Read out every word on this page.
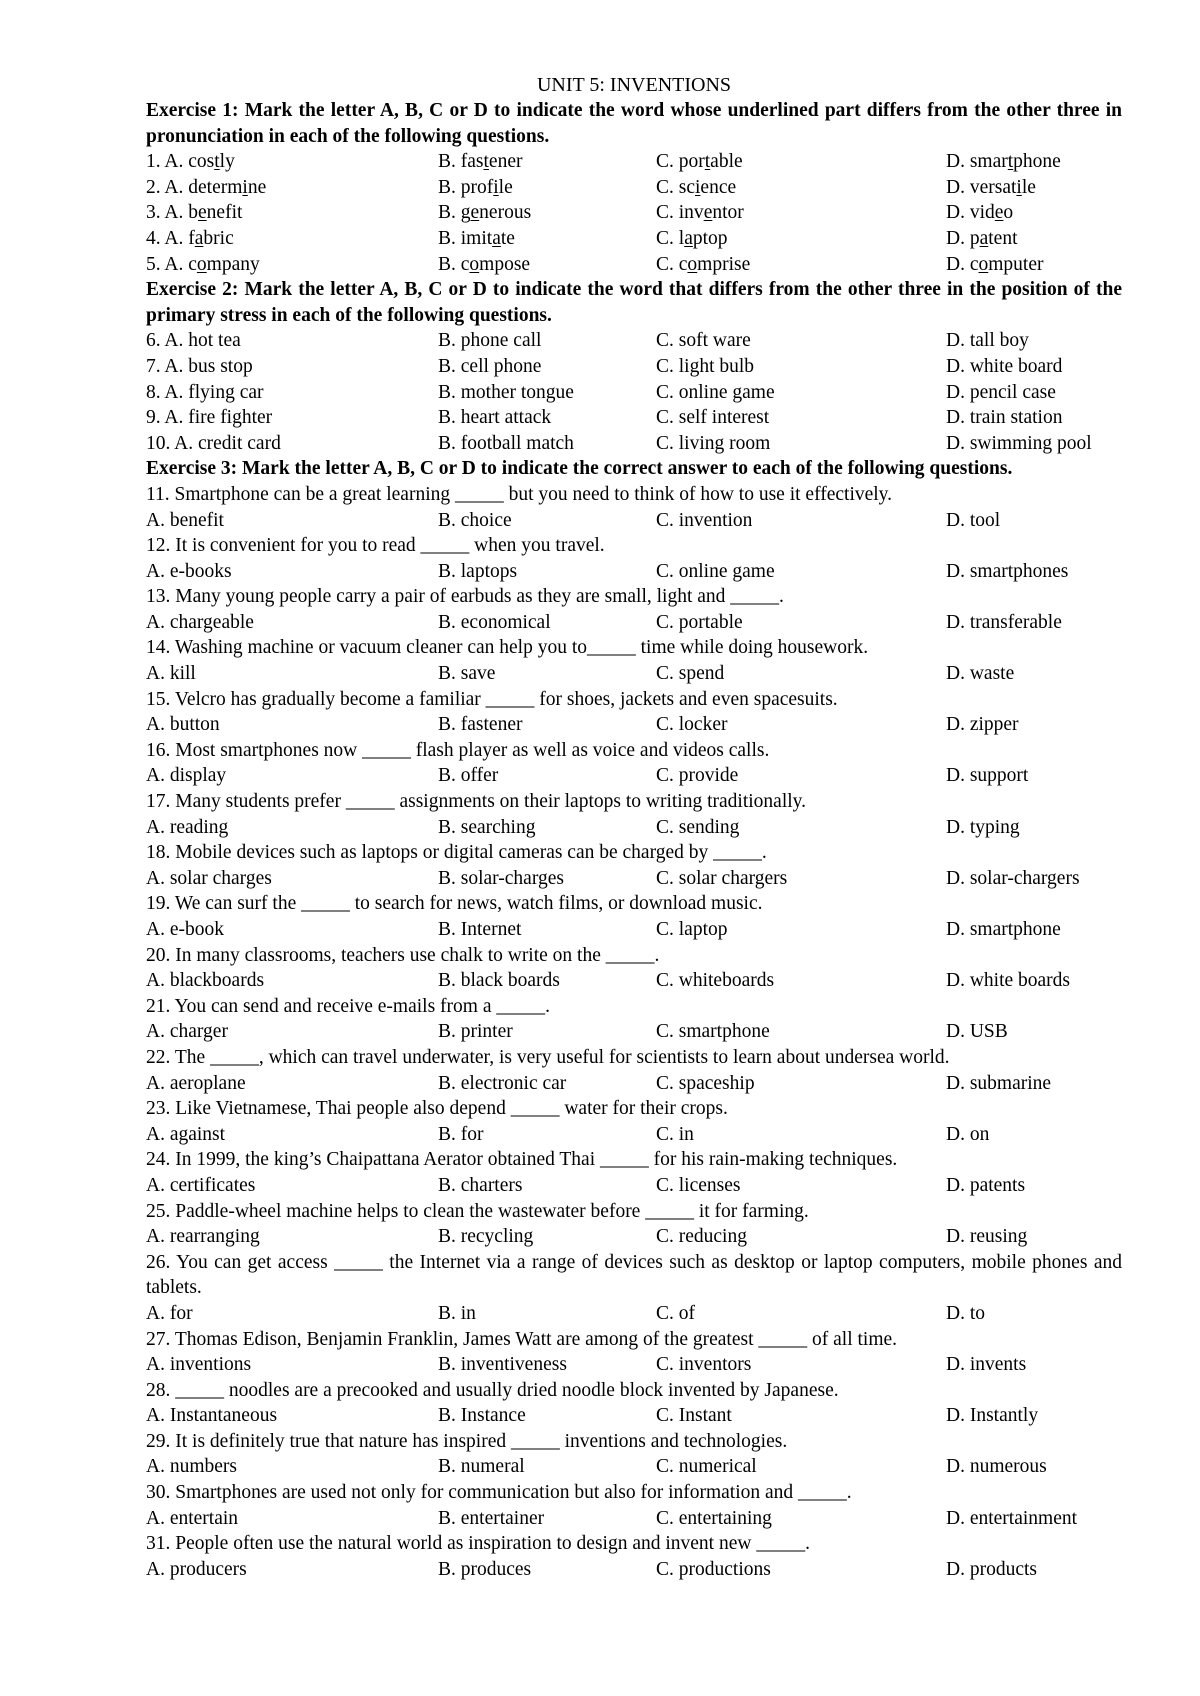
UNIT 5: INVENTIONS
Exercise 1: Mark the letter A, B, C or D to indicate the word whose underlined part differs from the other three in pronunciation in each of the following questions.
1. A. costly	B. fastener	C. portable	D. smartphone
2. A. determine	B. profile	C. science	D. versatile
3. A. benefit	B. generous	C. inventor	D. video
4. A. fabric	B. imitate	C. laptop	D. patent
5. A. company	B. compose	C. comprise	D. computer
Exercise 2: Mark the letter A, B, C or D to indicate the word that differs from the other three in the position of the primary stress in each of the following questions.
6. A. hot tea	B. phone call	C. soft ware	D. tall boy
7. A. bus stop	B. cell phone	C. light bulb	D. white board
8. A. flying car	B. mother tongue	C. online game	D. pencil case
9. A. fire fighter	B. heart attack	C. self interest	D. train station
10. A. credit card	B. football match	C. living room	D. swimming pool
Exercise 3: Mark the letter A, B, C or D to indicate the correct answer to each of the following questions.
11. Smartphone can be a great learning _____ but you need to think of how to use it effectively.
A. benefit	B. choice	C. invention	D. tool
12. It is convenient for you to read _____ when you travel.
A. e-books	B. laptops	C. online game	D. smartphones
13. Many young people carry a pair of earbuds as they are small, light and _____.
A. chargeable	B. economical	C. portable	D. transferable
14. Washing machine or vacuum cleaner can help you to_____ time while doing housework.
A. kill	B. save	C. spend	D. waste
15. Velcro has gradually become a familiar _____ for shoes, jackets and even spacesuits.
A. button	B. fastener	C. locker	D. zipper
16. Most smartphones now _____ flash player as well as voice and videos calls.
A. display	B. offer	C. provide	D. support
17. Many students prefer _____ assignments on their laptops to writing traditionally.
A. reading	B. searching	C. sending	D. typing
18. Mobile devices such as laptops or digital cameras can be charged by _____.
A. solar charges	B. solar-charges	C. solar chargers	D. solar-chargers
19. We can surf the _____ to search for news, watch films, or download music.
A. e-book	B. Internet	C. laptop	D. smartphone
20. In many classrooms, teachers use chalk to write on the _____.
A. blackboards	B. black boards	C. whiteboards	D. white boards
21. You can send and receive e-mails from a _____.
A. charger	B. printer	C. smartphone	D. USB
22. The _____, which can travel underwater, is very useful for scientists to learn about undersea world.
A. aeroplane	B. electronic car	C. spaceship	D. submarine
23. Like Vietnamese, Thai people also depend _____ water for their crops.
A. against	B. for	C. in	D. on
24. In 1999, the king’s Chaipattana Aerator obtained Thai _____ for his rain-making techniques.
A. certificates	B. charters	C. licenses	D. patents
25. Paddle-wheel machine helps to clean the wastewater before _____ it for farming.
A. rearranging	B. recycling	C. reducing	D. reusing
26. You can get access _____ the Internet via a range of devices such as desktop or laptop computers, mobile phones and tablets.
A. for	B. in	C. of	D. to
27. Thomas Edison, Benjamin Franklin, James Watt are among of the greatest _____ of all time.
A. inventions	B. inventiveness	C. inventors	D. invents
28. _____ noodles are a precooked and usually dried noodle block invented by Japanese.
A. Instantaneous	B. Instance	C. Instant	D. Instantly
29. It is definitely true that nature has inspired _____ inventions and technologies.
A. numbers	B. numeral	C. numerical	D. numerous
30. Smartphones are used not only for communication but also for information and _____.
A. entertain	B. entertainer	C. entertaining	D. entertainment
31. People often use the natural world as inspiration to design and invent new _____.
A. producers	B. produces	C. productions	D. products
